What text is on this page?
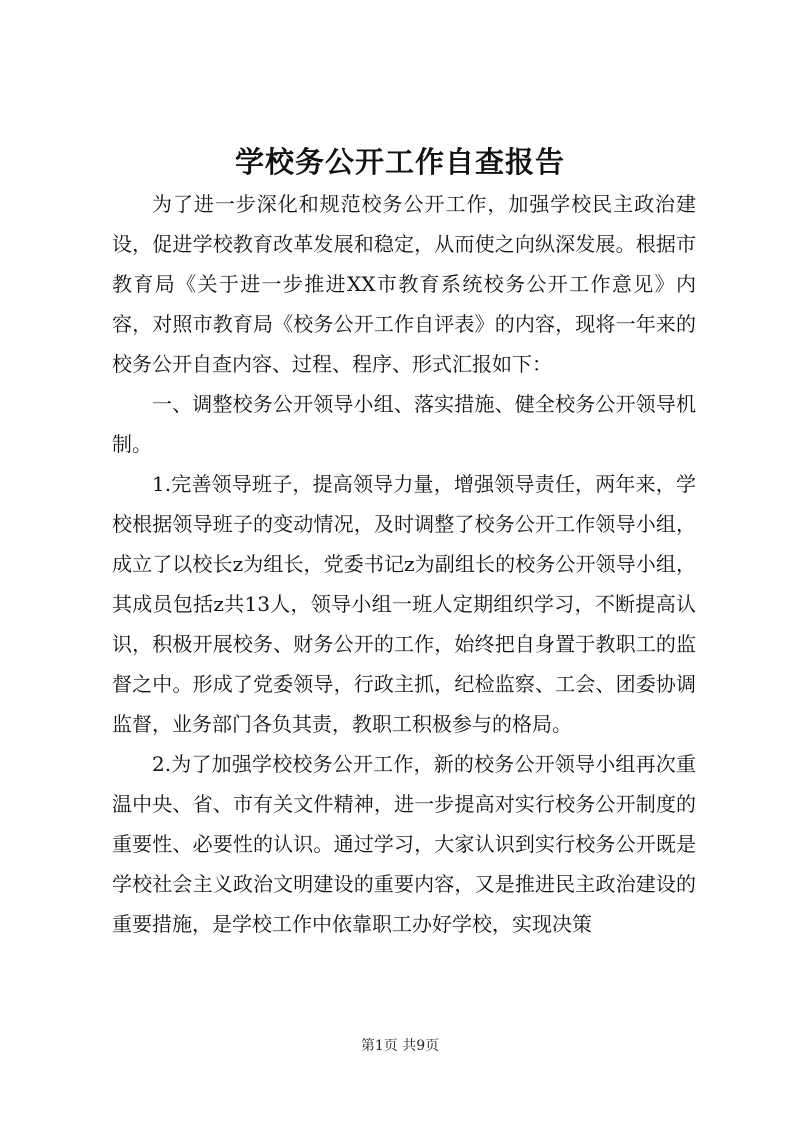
学校务公开工作自查报告

为了进一步深化和规范校务公开工作，加强学校民主政治建设，促进学校教育改革发展和稳定，从而使之向纵深发展。根据市教育局《关于进一步推进XX市教育系统校务公开工作意见》内容，对照市教育局《校务公开工作自评表》的内容，现将一年来的校务公开自查内容、过程、程序、形式汇报如下：

一、调整校务公开领导小组、落实措施、健全校务公开领导机制。

1.完善领导班子，提高领导力量，增强领导责任，两年来，学校根据领导班子的变动情况，及时调整了校务公开工作领导小组，成立了以校长z为组长，党委书记z为副组长的校务公开领导小组，其成员包括z共13人，领导小组一班人定期组织学习，不断提高认识，积极开展校务、财务公开的工作，始终把自身置于教职工的监督之中。形成了党委领导，行政主抓，纪检监察、工会、团委协调监督，业务部门各负其责，教职工积极参与的格局。

2.为了加强学校校务公开工作，新的校务公开领导小组再次重温中央、省、市有关文件精神，进一步提高对实行校务公开制度的重要性、必要性的认识。通过学习，大家认识到实行校务公开既是学校社会主义政治文明建设的重要内容，又是推进民主政治建设的重要措施，是学校工作中依靠职工办好学校，实现决策

第1页 共9页
